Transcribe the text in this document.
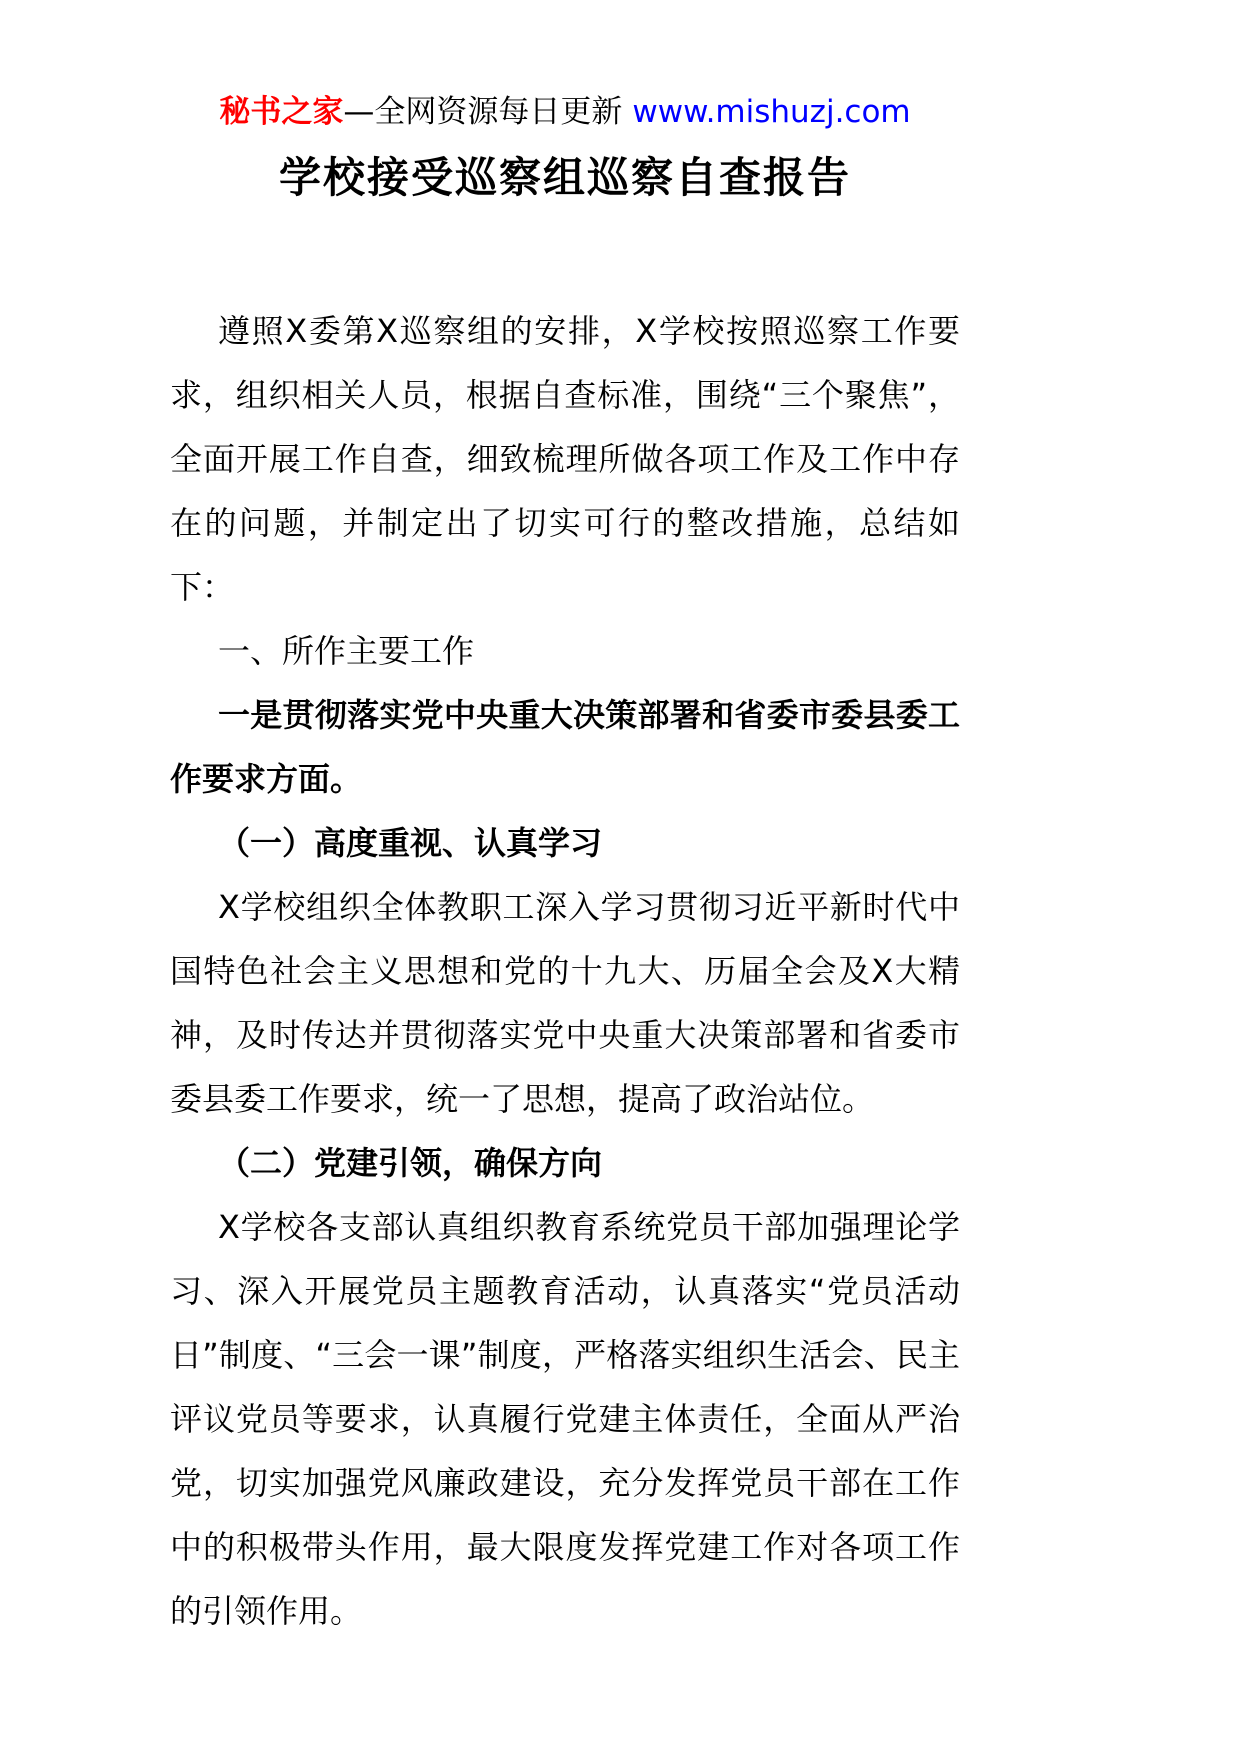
秘书之家—全网资源每日更新 www.mishuzj.com
学校接受巡察组巡察自查报告

遵照X委第X巡察组的安排，X学校按照巡察工作要求，组织相关人员，根据自查标准，围绕“三个聚焦”，全面开展工作自查，细致梳理所做各项工作及工作中存在的问题，并制定出了切实可行的整改措施，总结如下：

一、所作主要工作

一是贯彻落实党中央重大决策部署和省委市委县委工作要求方面。

（一）高度重视、认真学习

X学校组织全体教职工深入学习贯彻习近平新时代中国特色社会主义思想和党的十九大、历届全会及X大精神，及时传达并贯彻落实党中央重大决策部署和省委市委县委工作要求，统一了思想，提高了政治站位。

（二）党建引领，确保方向

X学校各支部认真组织教育系统党员干部加强理论学习、深入开展党员主题教育活动，认真落实“党员活动日”制度、“三会一课”制度，严格落实组织生活会、民主评议党员等要求，认真履行党建主体责任，全面从严治党，切实加强党风廉政建设，充分发挥党员干部在工作中的积极带头作用，最大限度发挥党建工作对各项工作的引领作用。
